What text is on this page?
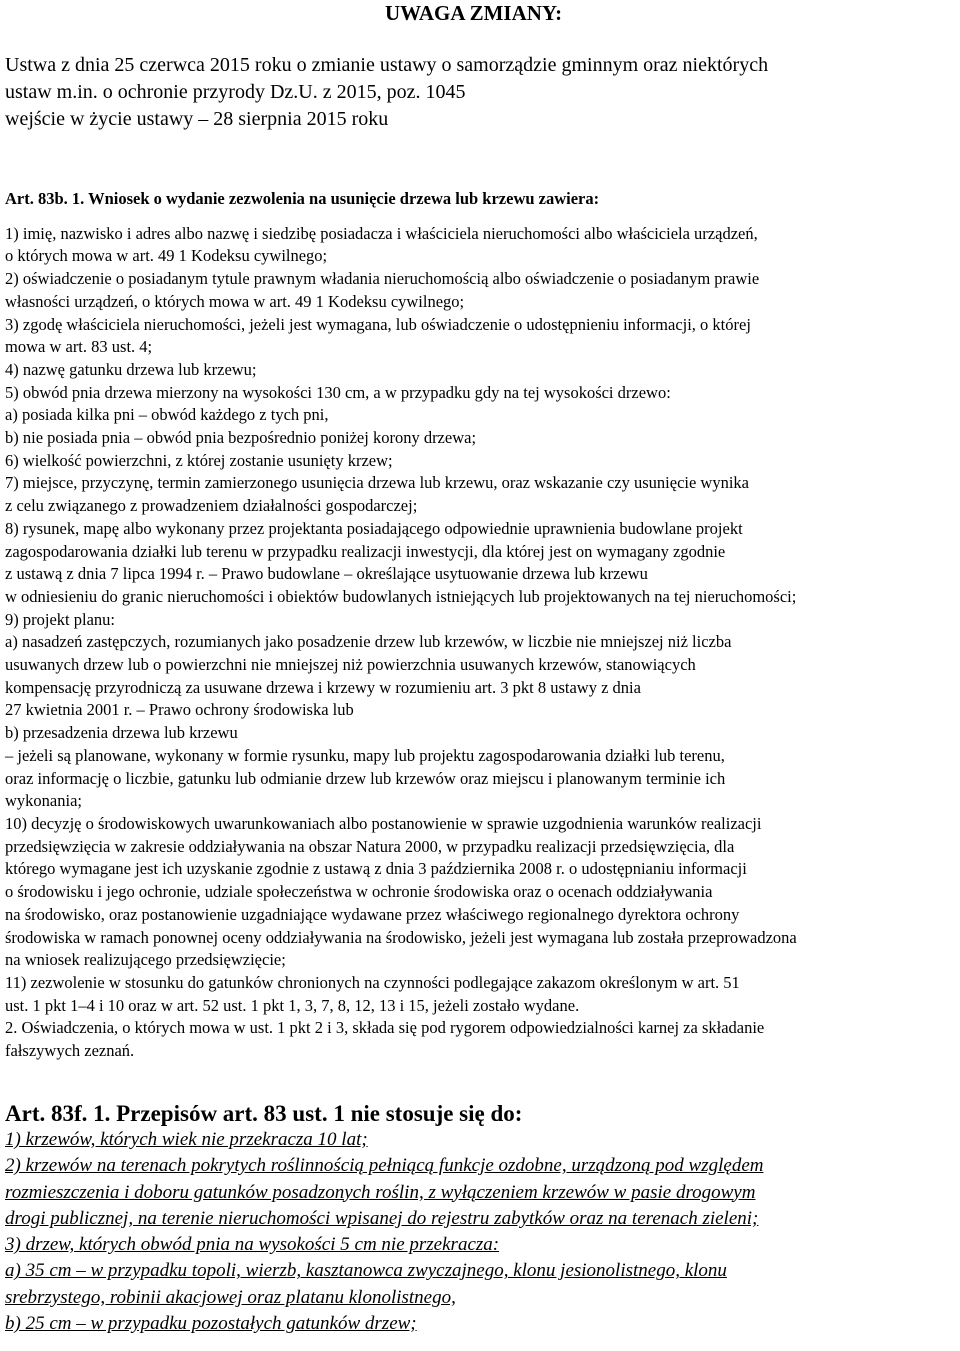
UWAGA ZMIANY:
Ustwa z dnia 25 czerwca 2015 roku o zmianie ustawy o samorządzie gminnym oraz niektórych
ustaw m.in. o ochronie przyrody Dz.U. z 2015, poz. 1045
wejście w życie ustawy – 28 sierpnia 2015 roku
Art. 83b. 1. Wniosek o wydanie zezwolenia na usunięcie drzewa lub krzewu zawiera:
1) imię, nazwisko i adres albo nazwę i siedzibę posiadacza i właściciela nieruchomości albo właściciela urządzeń,
o których mowa w art. 49 1 Kodeksu cywilnego;
2) oświadczenie o posiadanym tytule prawnym władania nieruchomością albo oświadczenie o posiadanym prawie
własności urządzeń, o których mowa w art. 49 1 Kodeksu cywilnego;
3) zgodę właściciela nieruchomości, jeżeli jest wymagana, lub oświadczenie o udostępnieniu informacji, o której
mowa w art. 83 ust. 4;
4) nazwę gatunku drzewa lub krzewu;
5) obwód pnia drzewa mierzony na wysokości 130 cm, a w przypadku gdy na tej wysokości drzewo:
a) posiada kilka pni – obwód każdego z tych pni,
b) nie posiada pnia – obwód pnia bezpośrednio poniżej korony drzewa;
6) wielkość powierzchni, z której zostanie usunięty krzew;
7) miejsce, przyczynę, termin zamierzonego usunięcia drzewa lub krzewu, oraz wskazanie czy usunięcie wynika
z celu związanego z prowadzeniem działalności gospodarczej;
8) rysunek, mapę albo wykonany przez projektanta posiadającego odpowiednie uprawnienia budowlane projekt
zagospodarowania działki lub terenu w przypadku realizacji inwestycji, dla której jest on wymagany zgodnie
z ustawą z dnia 7 lipca 1994 r. – Prawo budowlane – określające usytuowanie drzewa lub krzewu
w odniesieniu do granic nieruchomości i obiektów budowlanych istniejących lub projektowanych na tej nieruchomości;
9) projekt planu:
a) nasadzeń zastępczych, rozumianych jako posadzenie drzew lub krzewów, w liczbie nie mniejszej niż liczba
usuwanych drzew lub o powierzchni nie mniejszej niż powierzchnia usuwanych krzewów, stanowiących
kompensację przyrodniczą za usuwane drzewa i krzewy w rozumieniu art. 3 pkt 8 ustawy z dnia
27 kwietnia 2001 r. – Prawo ochrony środowiska lub
b) przesadzenia drzewa lub krzewu
– jeżeli są planowane, wykonany w formie rysunku, mapy lub projektu zagospodarowania działki lub terenu,
oraz informację o liczbie, gatunku lub odmianie drzew lub krzewów oraz miejscu i planowanym terminie ich
wykonania;
10) decyzję o środowiskowych uwarunkowaniach albo postanowienie w sprawie uzgodnienia warunków realizacji
przedsięwzięcia w zakresie oddziaływania na obszar Natura 2000, w przypadku realizacji przedsięwzięcia, dla
którego wymagane jest ich uzyskanie zgodnie z ustawą z dnia 3 października 2008 r. o udostępnianiu informacji
o środowisku i jego ochronie, udziale społeczeństwa w ochronie środowiska oraz o ocenach oddziaływania
na środowisko, oraz postanowienie uzgadniające wydawane przez właściwego regionalnego dyrektora ochrony
środowiska w ramach ponownej oceny oddziaływania na środowisko, jeżeli jest wymagana lub została przeprowadzona
na wniosek realizującego przedsięwzięcie;
11) zezwolenie w stosunku do gatunków chronionych na czynności podlegające zakazom określonym w art. 51
ust. 1 pkt 1–4 i 10 oraz w art. 52 ust. 1 pkt 1, 3, 7, 8, 12, 13 i 15, jeżeli zostało wydane.
2. Oświadczenia, o których mowa w ust. 1 pkt 2 i 3, składa się pod rygorem odpowiedzialności karnej za składanie
fałszywych zeznań.
Art. 83f. 1. Przepisów art. 83 ust. 1 nie stosuje się do:
1) krzewów, których wiek nie przekracza 10 lat;
2) krzewów na terenach pokrytych roślinnością pełniącą funkcje ozdobne, urządzoną pod względem
rozmieszczenia i doboru gatunków posadzonych roślin, z wyłączeniem krzewów w pasie drogowym
drogi publicznej, na terenie nieruchomości wpisanej do rejestru zabytków oraz na terenach zieleni;
3) drzew, których obwód pnia na wysokości 5 cm nie przekracza:
a) 35 cm – w przypadku topoli, wierzb, kasztanowca zwyczajnego, klonu jesionolistnego, klonu
srebrzystego, robinii akacjowej oraz platanu klonolistnego,
b) 25 cm – w przypadku pozostałych gatunków drzew;
